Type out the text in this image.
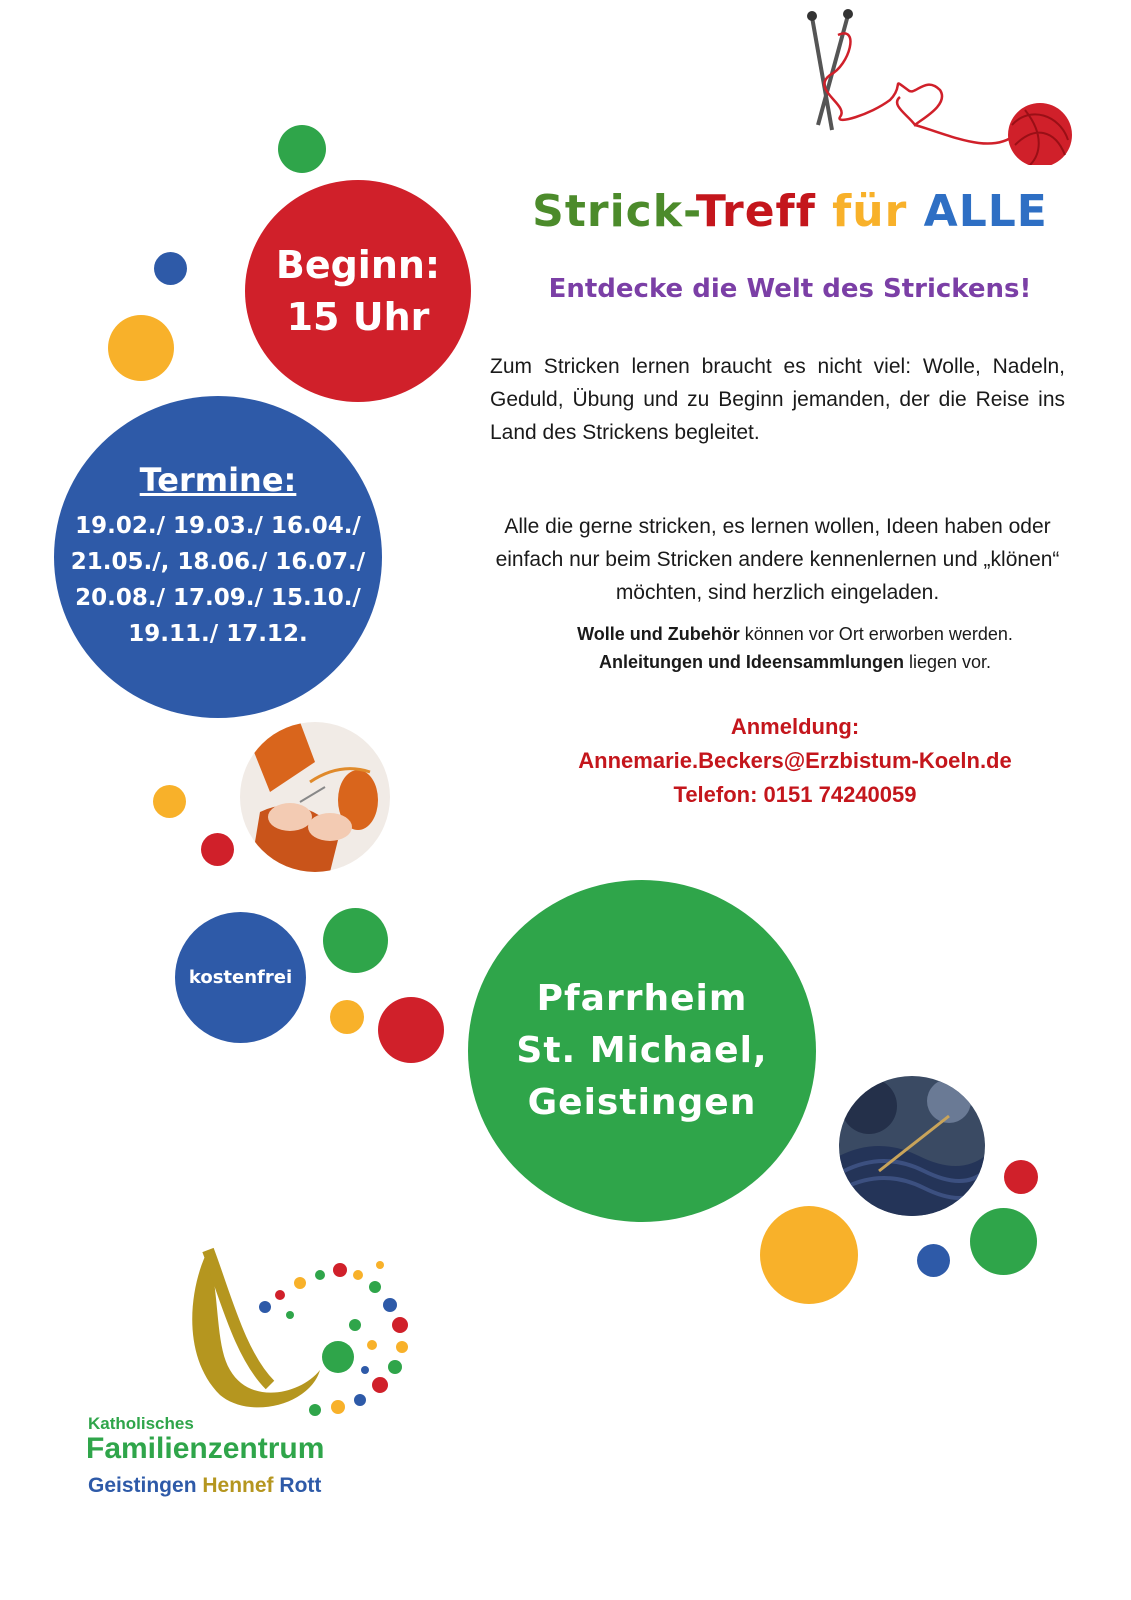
Beginn:
15 Uhr
Termine:
19.02./ 19.03./ 16.04./
21.05./, 18.06./ 16.07./
20.08./ 17.09./ 15.10./
19.11./ 17.12.
kostenfrei
Pfarrheim
St. Michael,
Geistingen
Strick-Treff für ALLE
Entdecke die Welt des Strickens!
Zum Stricken lernen braucht es nicht viel: Wolle, Nadeln, Geduld, Übung und zu Beginn jemanden, der die Reise ins Land des Strickens begleitet.
Alle die gerne stricken, es lernen wollen, Ideen haben oder einfach nur beim Stricken andere kennenlernen und „klönen“ möchten, sind herzlich eingeladen.
Wolle und Zubehör können vor Ort erworben werden.
Anleitungen und Ideensammlungen liegen vor.
Anmeldung:
Annemarie.Beckers@Erzbistum-Koeln.de
Telefon: 0151 74240059
Katholisches
Familienzentrum
Geistingen Hennef Rott
